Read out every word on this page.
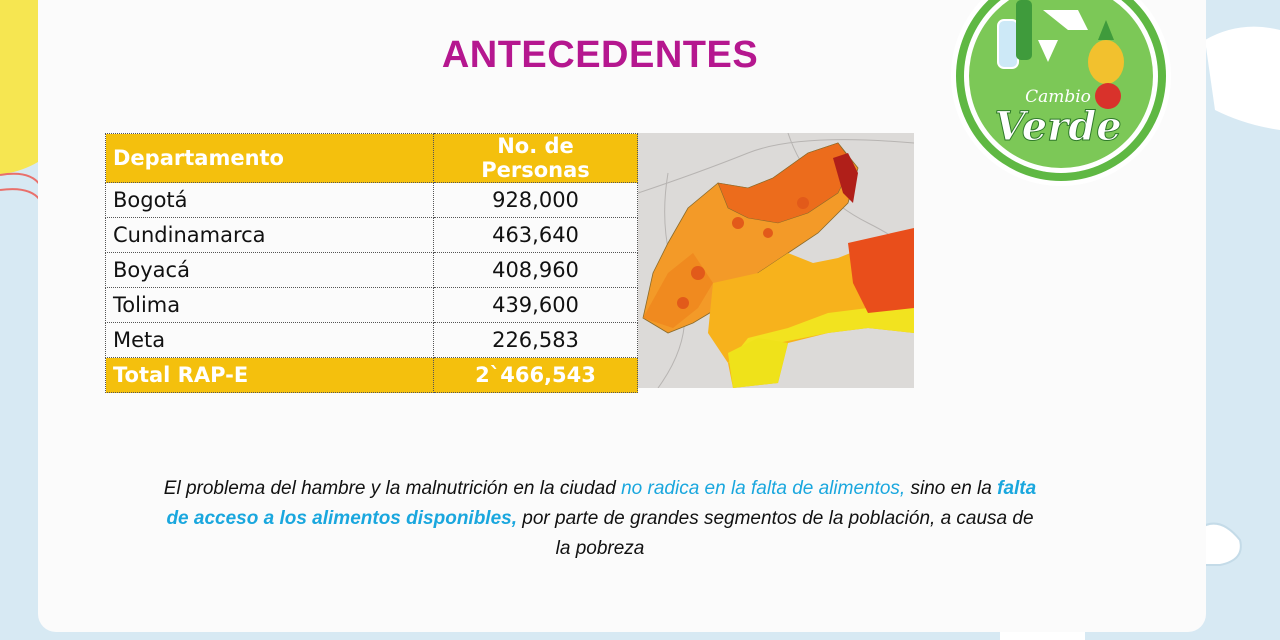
Cambio
Verde
ANTECEDENTES
Departamento	No. de Personas
Bogotá	928,000
Cundinamarca	463,640
Boyacá	408,960
Tolima	439,600
Meta	226,583
Total RAP-E	2`466,543
El problema del hambre y la malnutrición en la ciudad no radica en la falta de alimentos, sino en la falta de acceso a los alimentos disponibles, por parte de grandes segmentos de la población, a causa de la pobreza
